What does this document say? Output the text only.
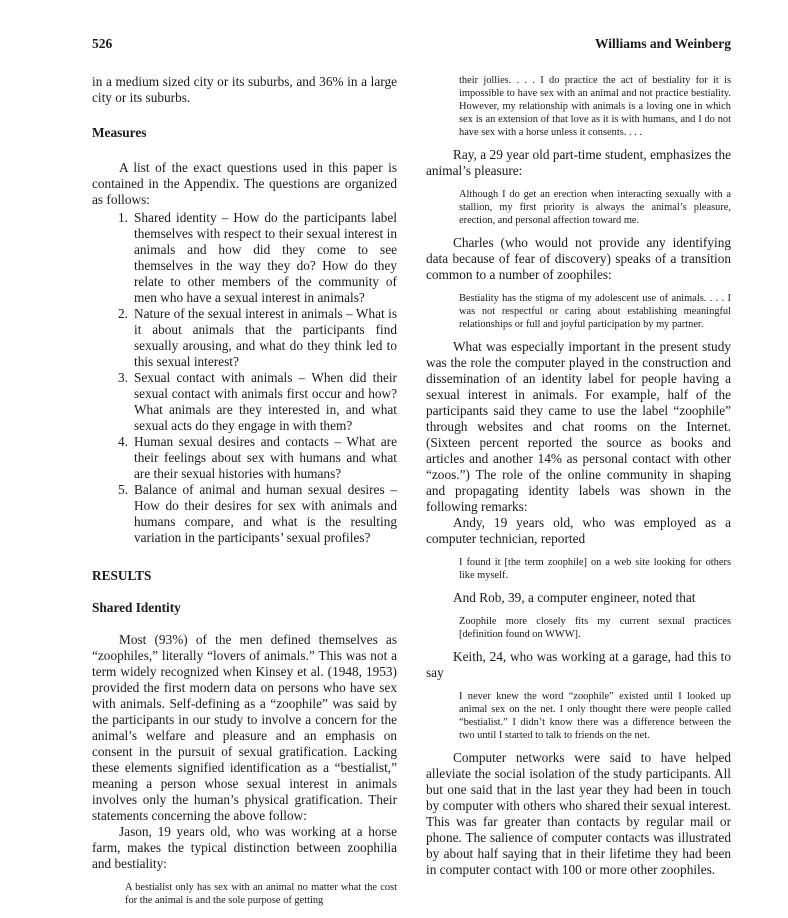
526	Williams and Weinberg

in a medium sized city or its suburbs, and 36% in a large city or its suburbs.

Measures

A list of the exact questions used in this paper is contained in the Appendix. The questions are organized as follows:

1. Shared identity – How do the participants label themselves with respect to their sexual interest in animals and how did they come to see themselves in the way they do? How do they relate to other members of the community of men who have a sexual interest in animals?
2. Nature of the sexual interest in animals – What is it about animals that the participants find sexually arousing, and what do they think led to this sexual interest?
3. Sexual contact with animals – When did their sexual contact with animals first occur and how? What animals are they interested in, and what sexual acts do they engage in with them?
4. Human sexual desires and contacts – What are their feelings about sex with humans and what are their sexual histories with humans?
5. Balance of animal and human sexual desires – How do their desires for sex with animals and humans compare, and what is the resulting variation in the participants’ sexual profiles?
RESULTS
Shared Identity

Most (93%) of the men defined themselves as “zoophiles,” literally “lovers of animals.” This was not a term widely recognized when Kinsey et al. (1948, 1953) provided the first modern data on persons who have sex with animals. Self-defining as a “zoophile” was said by the participants in our study to involve a concern for the animal’s welfare and pleasure and an emphasis on consent in the pursuit of sexual gratification. Lacking these elements signified identification as a “bestialist,” meaning a person whose sexual interest in animals involves only the human’s physical gratification. Their statements concerning the above follow:

Jason, 19 years old, who was working at a horse farm, makes the typical distinction between zoophilia and bestiality:

A bestialist only has sex with an animal no matter what the cost for the animal is and the sole purpose of getting

their jollies. . . . I do practice the act of bestiality for it is impossible to have sex with an animal and not practice bestiality. However, my relationship with animals is a loving one in which sex is an extension of that love as it is with humans, and I do not have sex with a horse unless it consents. . . .

Ray, a 29 year old part-time student, emphasizes the animal’s pleasure:

Although I do get an erection when interacting sexually with a stallion, my first priority is always the animal’s pleasure, erection, and personal affection toward me.

Charles (who would not provide any identifying data because of fear of discovery) speaks of a transition common to a number of zoophiles:

Bestiality has the stigma of my adolescent use of animals. . . . I was not respectful or caring about establishing meaningful relationships or full and joyful participation by my partner.

What was especially important in the present study was the role the computer played in the construction and dissemination of an identity label for people having a sexual interest in animals. For example, half of the participants said they came to use the label “zoophile” through websites and chat rooms on the Internet. (Sixteen percent reported the source as books and articles and another 14% as personal contact with other “zoos.”) The role of the online community in shaping and propagating identity labels was shown in the following remarks:

Andy, 19 years old, who was employed as a computer technician, reported

I found it [the term zoophile] on a web site looking for others like myself.

And Rob, 39, a computer engineer, noted that

Zoophile more closely fits my current sexual practices [definition found on WWW].

Keith, 24, who was working at a garage, had this to say

I never knew the word “zoophile” existed until I looked up animal sex on the net. I only thought there were people called “bestialist.” I didn’t know there was a difference between the two until I started to talk to friends on the net.

Computer networks were said to have helped alleviate the social isolation of the study participants. All but one said that in the last year they had been in touch by computer with others who shared their sexual interest. This was far greater than contacts by regular mail or phone. The salience of computer contacts was illustrated by about half saying that in their lifetime they had been in computer contact with 100 or more other zoophiles.
